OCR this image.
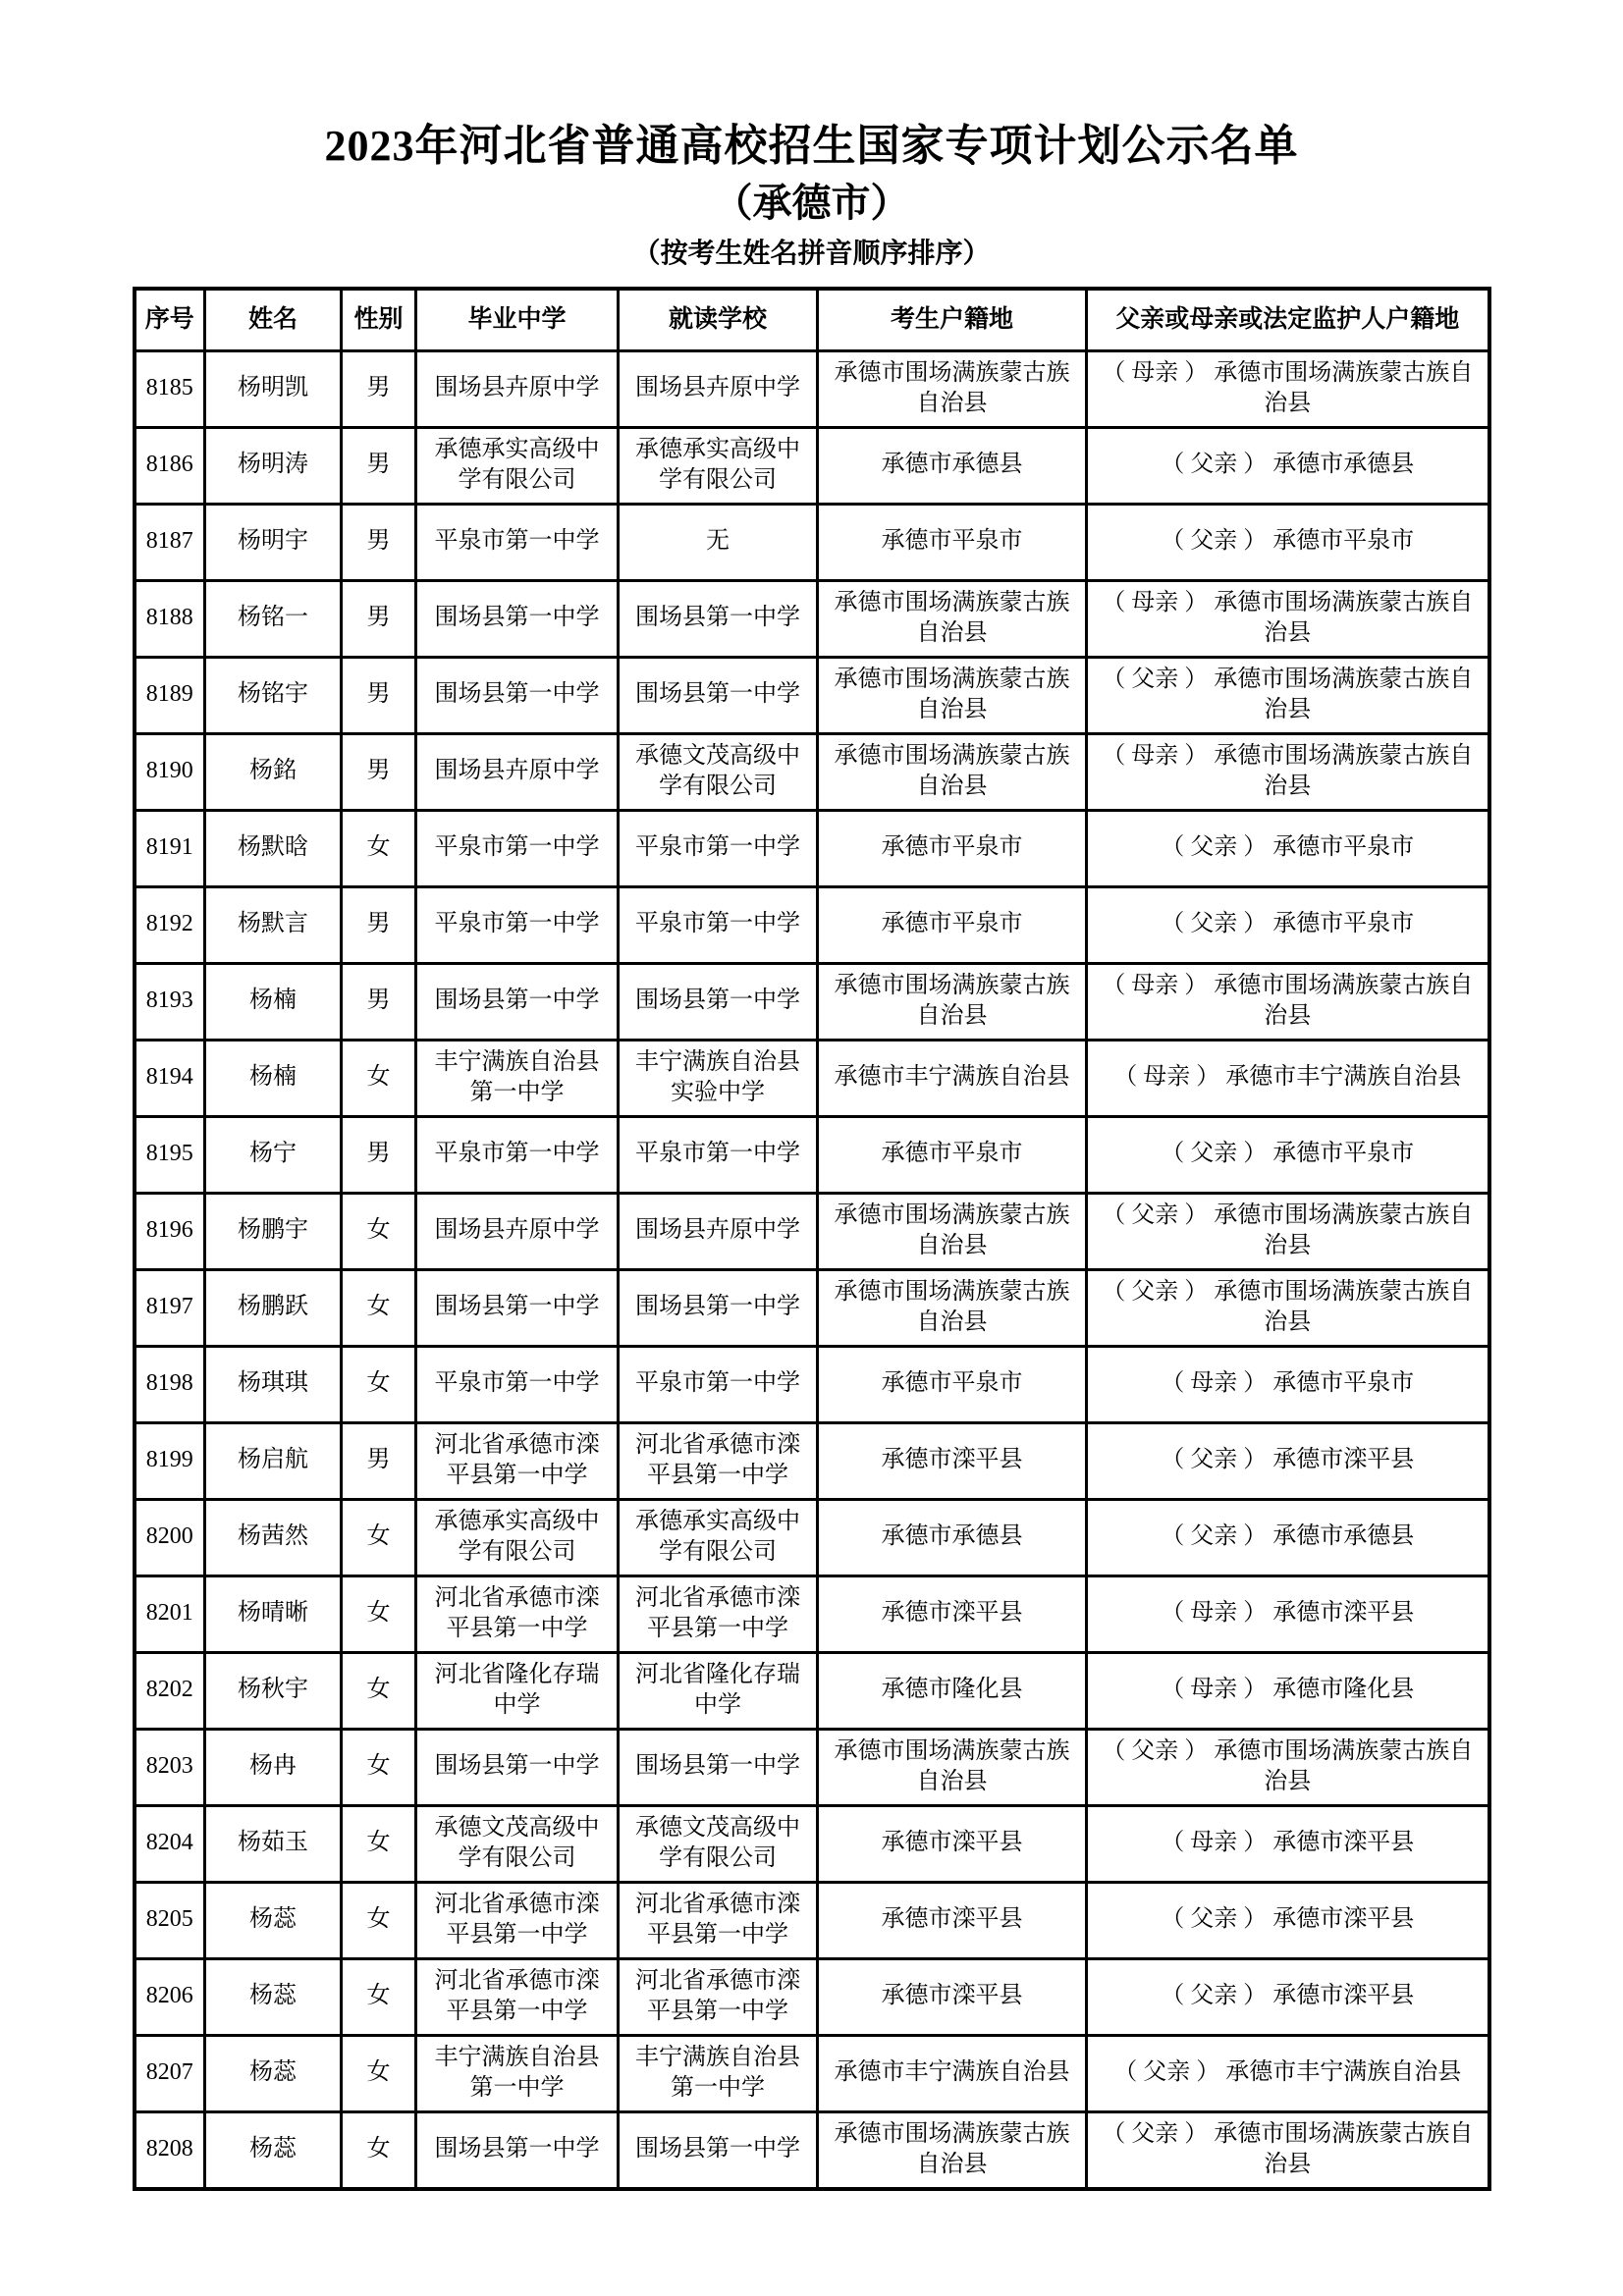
2023年河北省普通高校招生国家专项计划公示名单
（承德市）
（按考生姓名拼音顺序排序）
序号	姓名	性别	毕业中学	就读学校	考生户籍地	父亲或母亲或法定监护人户籍地
8185	杨明凯	男	围场县卉原中学	围场县卉原中学	承德市围场满族蒙古族自治县	（ 母亲 ） 承德市围场满族蒙古族自治县
8186	杨明涛	男	承德承实高级中学有限公司	承德承实高级中学有限公司	承德市承德县	（ 父亲 ） 承德市承德县
8187	杨明宇	男	平泉市第一中学	无	承德市平泉市	（ 父亲 ） 承德市平泉市
8188	杨铭一	男	围场县第一中学	围场县第一中学	承德市围场满族蒙古族自治县	（ 母亲 ） 承德市围场满族蒙古族自治县
8189	杨铭宇	男	围场县第一中学	围场县第一中学	承德市围场满族蒙古族自治县	（ 父亲 ） 承德市围场满族蒙古族自治县
8190	杨銘	男	围场县卉原中学	承德文茂高级中学有限公司	承德市围场满族蒙古族自治县	（ 母亲 ） 承德市围场满族蒙古族自治县
8191	杨默晗	女	平泉市第一中学	平泉市第一中学	承德市平泉市	（ 父亲 ） 承德市平泉市
8192	杨默言	男	平泉市第一中学	平泉市第一中学	承德市平泉市	（ 父亲 ） 承德市平泉市
8193	杨楠	男	围场县第一中学	围场县第一中学	承德市围场满族蒙古族自治县	（ 母亲 ） 承德市围场满族蒙古族自治县
8194	杨楠	女	丰宁满族自治县第一中学	丰宁满族自治县实验中学	承德市丰宁满族自治县	（ 母亲 ） 承德市丰宁满族自治县
8195	杨宁	男	平泉市第一中学	平泉市第一中学	承德市平泉市	（ 父亲 ） 承德市平泉市
8196	杨鹏宇	女	围场县卉原中学	围场县卉原中学	承德市围场满族蒙古族自治县	（ 父亲 ） 承德市围场满族蒙古族自治县
8197	杨鹏跃	女	围场县第一中学	围场县第一中学	承德市围场满族蒙古族自治县	（ 父亲 ） 承德市围场满族蒙古族自治县
8198	杨琪琪	女	平泉市第一中学	平泉市第一中学	承德市平泉市	（ 母亲 ） 承德市平泉市
8199	杨启航	男	河北省承德市滦平县第一中学	河北省承德市滦平县第一中学	承德市滦平县	（ 父亲 ） 承德市滦平县
8200	杨茜然	女	承德承实高级中学有限公司	承德承实高级中学有限公司	承德市承德县	（ 父亲 ） 承德市承德县
8201	杨晴晰	女	河北省承德市滦平县第一中学	河北省承德市滦平县第一中学	承德市滦平县	（ 母亲 ） 承德市滦平县
8202	杨秋宇	女	河北省隆化存瑞中学	河北省隆化存瑞中学	承德市隆化县	（ 母亲 ） 承德市隆化县
8203	杨冉	女	围场县第一中学	围场县第一中学	承德市围场满族蒙古族自治县	（ 父亲 ） 承德市围场满族蒙古族自治县
8204	杨茹玉	女	承德文茂高级中学有限公司	承德文茂高级中学有限公司	承德市滦平县	（ 母亲 ） 承德市滦平县
8205	杨蕊	女	河北省承德市滦平县第一中学	河北省承德市滦平县第一中学	承德市滦平县	（ 父亲 ） 承德市滦平县
8206	杨蕊	女	河北省承德市滦平县第一中学	河北省承德市滦平县第一中学	承德市滦平县	（ 父亲 ） 承德市滦平县
8207	杨蕊	女	丰宁满族自治县第一中学	丰宁满族自治县第一中学	承德市丰宁满族自治县	（ 父亲 ） 承德市丰宁满族自治县
8208	杨蕊	女	围场县第一中学	围场县第一中学	承德市围场满族蒙古族自治县	（ 父亲 ） 承德市围场满族蒙古族自治县
